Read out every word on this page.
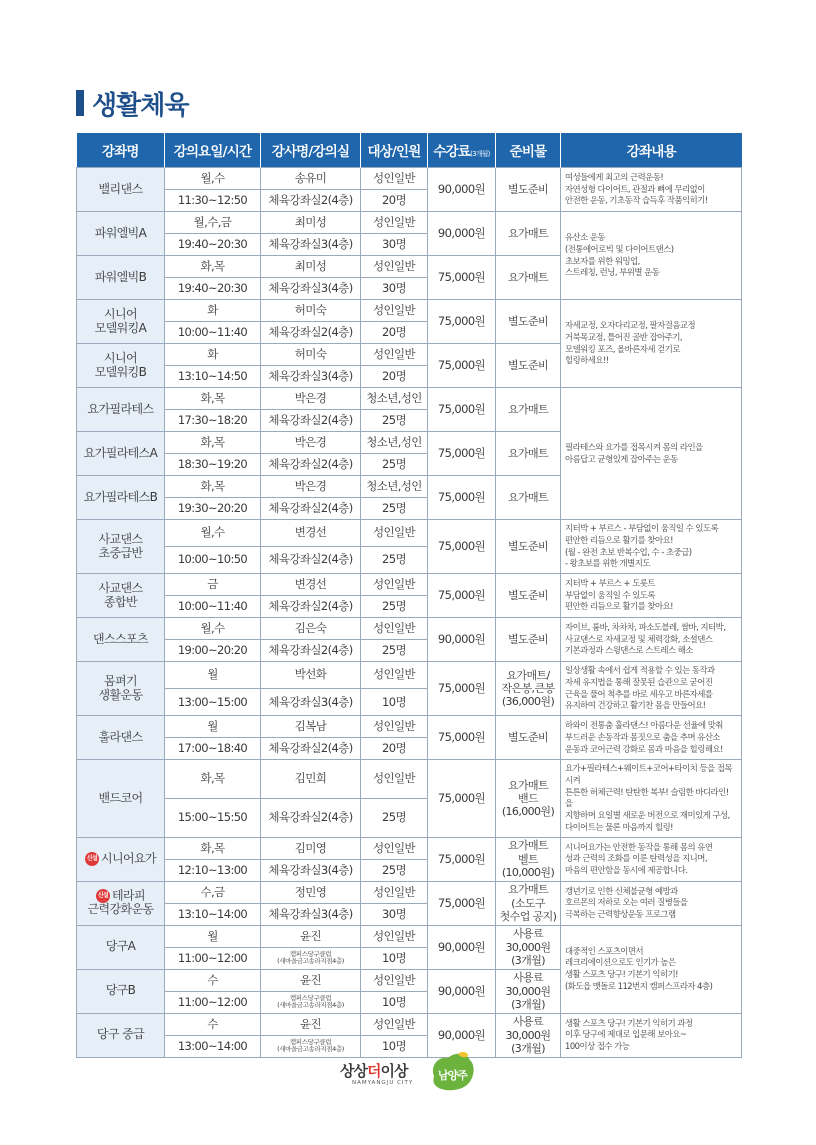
생활체육
강좌명	강의요일/시간	강사명/강의실	대상/인원	수강료(3개월)	준비물	강좌내용

밸리댄스	월,수	송유미	성인일반	90,000원	별도준비	여성들에게 최고의 근력운동!
자연성형 다이어트, 관절과 뼈에 무리없이
안전한 운동, 기초동작 습득후 작품익히기!

	11:30~12:50	체육강좌실2(4층)	20명			

파워엘빅A	월,수,금	최미성	성인일반	90,000원	요가매트	유산소 운동
(전통에어로빅 및 다이어트댄스)
초보자를 위한 워밍업,
스트레칭, 런닝, 부위별 운동

	19:40~20:30	체육강좌실3(4층)	30명			

파워엘빅B	화,목	최미성	성인일반	75,000원	요가매트	

	19:40~20:30	체육강좌실3(4층)	30명			

시니어
모델워킹A	화	허미숙	성인일반	75,000원	별도준비	자세교정, 오자다리교정, 팔자걸음교정
거북목교정, 틀어진 골반 잡아주기,
모델워킹 포즈, 올바른자세 걷기로
힐링하세요!!

	10:00~11:40	체육강좌실2(4층)	20명			

시니어
모델워킹B	화	허미숙	성인일반	75,000원	별도준비	

	13:10~14:50	체육강좌실3(4층)	20명			

요가필라테스	화,목	박은경	청소년,성인	75,000원	요가매트	필라테스와 요가를 접목시켜 몸의 라인을
아름답고 균형있게 잡아주는 운동

	17:30~18:20	체육강좌실2(4층)	25명			

요가필라테스A	화,목	박은경	청소년,성인	75,000원	요가매트	

	18:30~19:20	체육강좌실2(4층)	25명			

요가필라테스B	화,목	박은경	청소년,성인	75,000원	요가매트	

	19:30~20:20	체육강좌실2(4층)	25명			

사교댄스
초중급반	월,수	변경선	성인일반	75,000원	별도준비	지터박 + 부르스 - 부담없이 움직일 수 있도록
편안한 리듬으로 활기를 찾아요!
(월 - 완전 초보 반복수업, 수 - 초중급)
- 왕초보를 위한 개별지도

	10:00~10:50	체육강좌실2(4층)	25명			

사교댄스
종합반	금	변경선	성인일반	75,000원	별도준비	지터박 + 부르스 + 도롯트
부담없이 움직일 수 있도록
편안한 리듬으로 활기를 찾아요!

	10:00~11:40	체육강좌실2(4층)	25명			

댄스스포츠	월,수	김은숙	성인일반	90,000원	별도준비	자이브, 룸바, 차차차, 파소도블레, 쌈바, 지터박,
사교댄스로 자세교정 및 체력강화, 소셜댄스
기본과정과 스윙댄스로 스트레스 해소

	19:00~20:20	체육강좌실2(4층)	25명			

몸펴기
생활운동	월	박선화	성인일반	75,000원	요가매트/
작은봉,큰봉
(36,000원)	일상생활 속에서 쉽게 적용할 수 있는 동작과
자세 유지법을 통해 잘못된 습관으로 굳어진
근육을 풀어 척추를 바로 세우고 바른자세를
유지하여 건강하고 활기찬 몸을 만들어요!

	13:00~15:00	체육강좌실3(4층)	10명			

훌라댄스	월	김복남	성인일반	75,000원	별도준비	하와이 전통춤 훌라댄스! 아름다운 선율에 맞춰
부드러운 손동작과 몸짓으로 춤을 추며 유산소
운동과 코어근력 강화로 몸과 마음을 힐링해요!

	17:00~18:40	체육강좌실2(4층)	20명			

밴드코어	화,목	김민희	성인일반	75,000원	요가매트
밴드
(16,000원)	요가+필라테스+웨이트+코어+타이치 등을 접목시켜
튼튼한 허체근력! 탄탄한 복부! 슬림한 바디라인! 을
지향하며 요일별 새로운 버전으로 재미있게 구성,
다이어트는 물론 마음까지 힐링!

	15:00~15:50	체육강좌실2(4층)	25명			
신설 시니어요가	화,목	김미영	성인일반	75,000원	요가매트
벨트
(10,000원)	시니어요가는 안전한 동작을 통해 몸의 유연
성과 근력의 조화를 이룬 탄력성을 지니며,
마음의 편안함을 동시에 제공합니다.

	12:10~13:00	체육강좌실3(4층)	25명			
신설 테라피

근력강화운동	수,금	정민영	성인일반	75,000원	요가매트
(소도구
첫수업 공지)	갱년기로 인한 신체불균형 예방과
호르몬의 저하로 오는 여러 질병들을
극복하는 근력향상운동 프로그램

	13:10~14:00	체육강좌실3(4층)	30명			

당구A	월	윤진	성인일반	90,000원	사용료
30,000원
(3개월)	대중적인 스포츠이면서
레크리에이션으로도 인기가 높은
생활 스포츠 당구! 기본기 익히기!
(화도읍 맷돌로 112번지 캠퍼스프라자 4층)

	11:00~12:00	캠퍼스당구클럽
(새마을금고송라지점4층)	10명			

당구B	수	윤진	성인일반	90,000원	사용료
30,000원
(3개월)	

	11:00~12:00	캠퍼스당구클럽
(새마을금고송라지점4층)	10명			

당구 중급	수	윤진	성인일반	90,000원	사용료
30,000원
(3개월)	생활 스포츠 당구! 기본기 익히기 과정
이후 당구에 제대로 입문해 보아요~
100이상 접수 가능

	13:00~14:00	캠퍼스당구클럽
(새마을금고송라지점4층)	10명			
상상더이상
NAMYANGJU CITY
남양주
